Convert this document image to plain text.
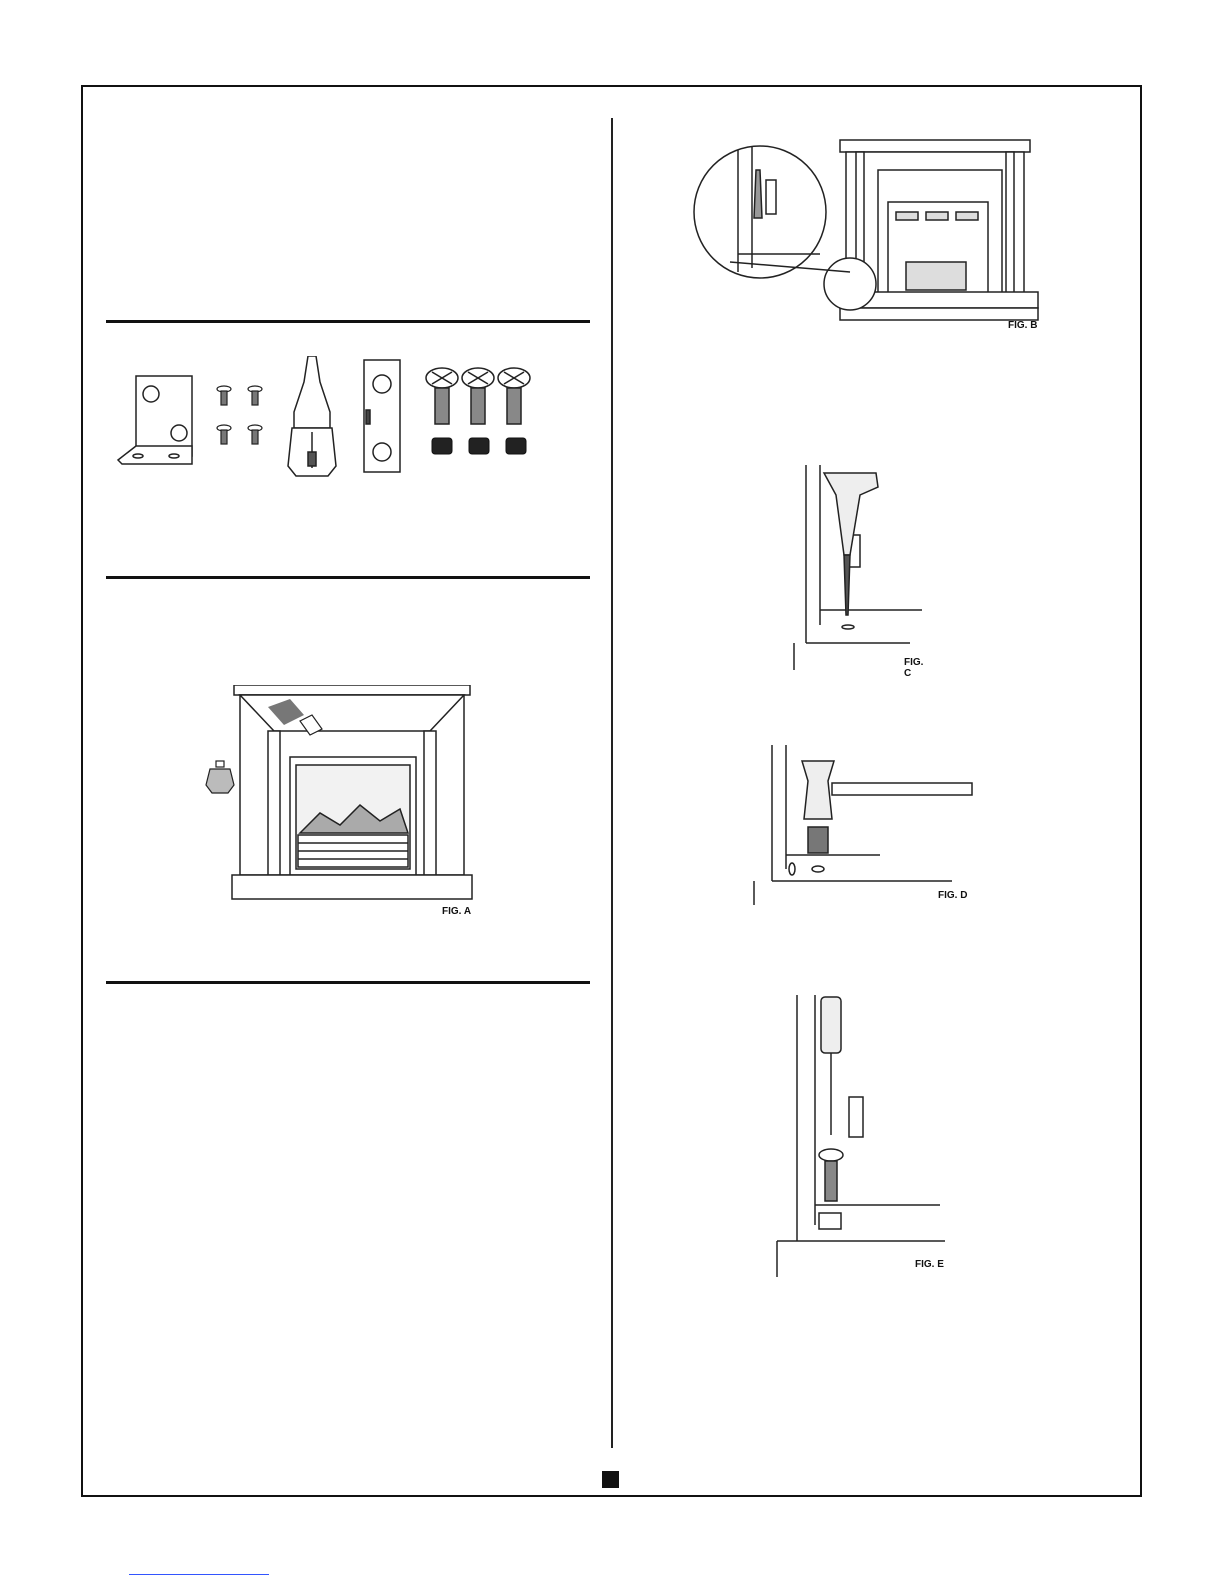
FIG. A
FIG. B
FIG. C
FIG. D
FIG. E
